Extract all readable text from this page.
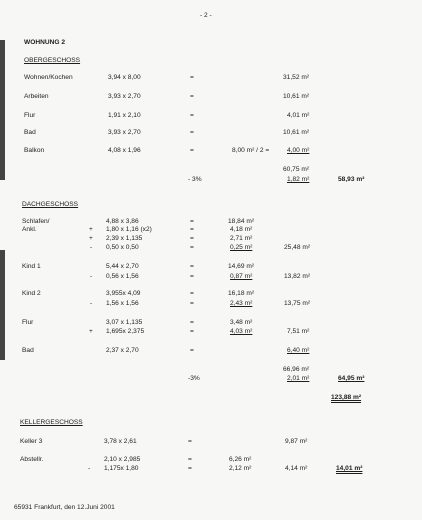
- 2 -
WOHNUNG 2
OBERGESCHOSS
Wohnen/Kochen	3,94 x 8,00	=	31,52 m²
Arbeiten	3,93 x 2,70	=	10,61 m²
Flur	1,91 x 2,10	=	4,01 m²
Bad	3,93 x 2,70	=	10,61 m²
Balkon	4,08 x 1,96	=	8,00 m² / 2 =	4,00 m²
60,75 m²
- 3%	1,82 m²	58,93 m²
DACHGESCHOSS
Schlafen/
Ankl.
4,88 x 3,86	=	18,84 m²
+ 1,80 x 1,16 (x2)	=	4,18 m²
+ 2,39 x 1,135	=	2,71 m²
- 0,50 x 0,50	=	0,25 m²	25,48 m²
Kind 1	5,44 x 2,70	=	14,69 m²
- 0,56 x 1,56	=	0,87 m²	13,82 m²
Kind 2	3,955x 4,09	=	16,18 m²
- 1,56 x 1,56	=	2,43 m²	13,75 m²
Flur	3,07 x 1,135	=	3,48 m²
+ 1,695x 2,375	=	4,03 m²	7,51 m²
Bad	2,37 x 2,70	=	6,40 m²
66,96 m²
-3%	2,01 m²	64,95 m²
123,88 m²
KELLERGESCHOSS
Keller 3	3,78 x 2,61	=	9,87 m²
Abstellr.	2,10 x 2,985	=	6,26 m²
- 1,175x 1,80	=	2,12 m²	4,14 m²	14,01 m²
65931 Frankfurt, den 12.Juni 2001
